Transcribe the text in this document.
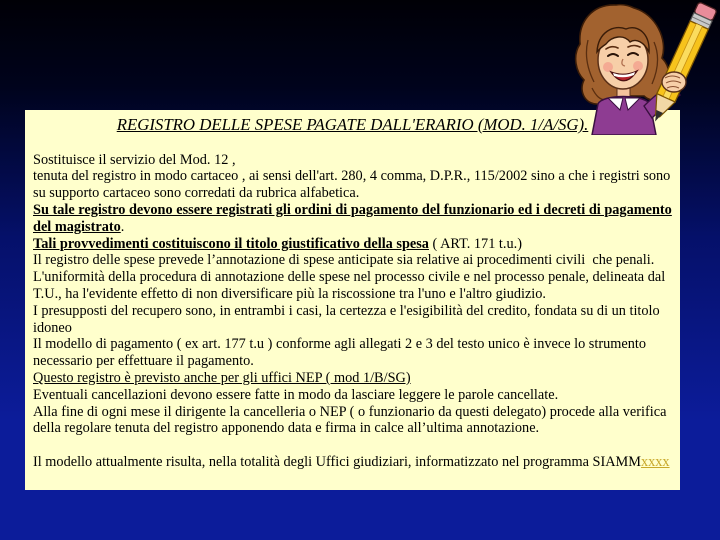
REGISTRO DELLE SPESE PAGATE DALL'ERARIO (MOD. 1/A/SG).
Sostituisce il servizio del Mod. 12 ,
tenuta del registro in modo cartaceo , ai sensi dell'art. 280, 4 comma, D.P.R., 115/2002 sino a che i registri sono
su supporto cartaceo sono corredati da rubrica alfabetica.
Su tale registro devono essere registrati gli ordini di pagamento del funzionario ed i decreti di pagamento
del magistrato.
Tali provvedimenti costituiscono il titolo giustificativo della spesa ( ART. 171 t.u.)
Il registro delle spese prevede l’annotazione di spese anticipate sia relative ai procedimenti civili  che penali.
L'uniformità della procedura di annotazione delle spese nel processo civile e nel processo penale, delineata dal
T.U., ha l'evidente effetto di non diversificare più la riscossione tra l'uno e l'altro giudizio.
I presupposti del recupero sono, in entrambi i casi, la certezza e l'esigibilità del credito, fondata su di un titolo
idoneo
Il modello di pagamento ( ex art. 177 t.u ) conforme agli allegati 2 e 3 del testo unico è invece lo strumento
necessario per effettuare il pagamento.
Questo registro è previsto anche per gli uffici NEP ( mod 1/B/SG)
Eventuali cancellazioni devono essere fatte in modo da lasciare leggere le parole cancellate.
Alla fine di ogni mese il dirigente la cancelleria o NEP ( o funzionario da questi delegato) procede alla verifica
della regolare tenuta del registro apponendo data e firma in calce all’ultima annotazione.
Il modello attualmente risulta, nella totalità degli Uffici giudiziari, informatizzato nel programma SIAMMxxxx
